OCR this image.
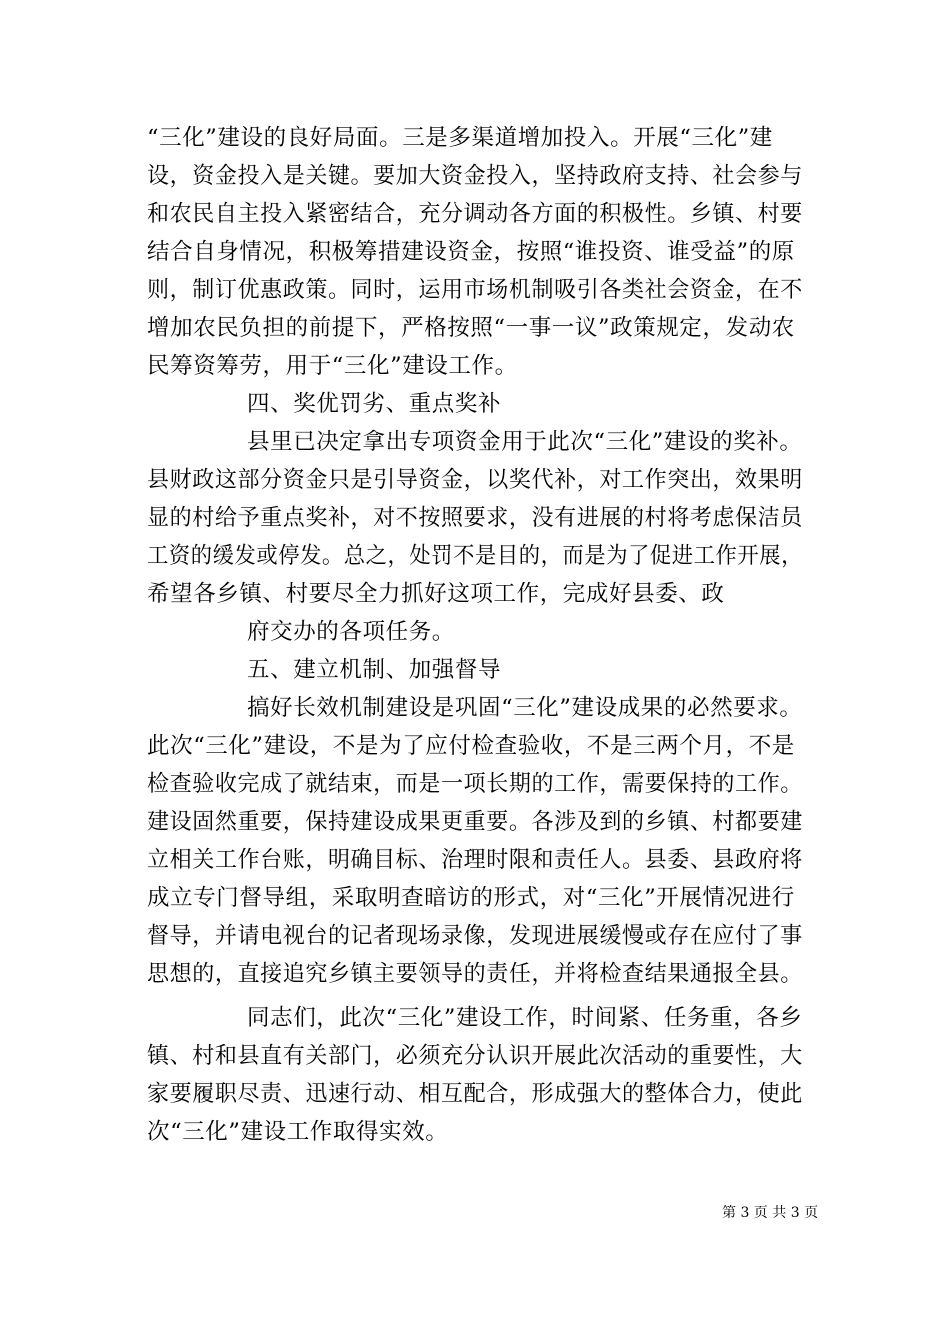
“三化”建设的良好局面。三是多渠道增加投入。开展“三化”建
设，资金投入是关键。要加大资金投入，坚持政府支持、社会参与
和农民自主投入紧密结合，充分调动各方面的积极性。乡镇、村要
结合自身情况，积极筹措建设资金，按照“谁投资、谁受益”的原
则，制订优惠政策。同时，运用市场机制吸引各类社会资金，在不
增加农民负担的前提下，严格按照“一事一议”政策规定，发动农
民筹资筹劳，用于“三化”建设工作。
四、奖优罚劣、重点奖补
县里已决定拿出专项资金用于此次“三化”建设的奖补。
县财政这部分资金只是引导资金，以奖代补，对工作突出，效果明
显的村给予重点奖补，对不按照要求，没有进展的村将考虑保洁员
工资的缓发或停发。总之，处罚不是目的，而是为了促进工作开展，
希望各乡镇、村要尽全力抓好这项工作，完成好县委、政
府交办的各项任务。
五、建立机制、加强督导
搞好长效机制建设是巩固“三化”建设成果的必然要求。
此次“三化”建设，不是为了应付检查验收，不是三两个月，不是
检查验收完成了就结束，而是一项长期的工作，需要保持的工作。
建设固然重要，保持建设成果更重要。各涉及到的乡镇、村都要建
立相关工作台账，明确目标、治理时限和责任人。县委、县政府将
成立专门督导组，采取明查暗访的形式，对“三化”开展情况进行
督导，并请电视台的记者现场录像，发现进展缓慢或存在应付了事
思想的，直接追究乡镇主要领导的责任，并将检查结果通报全县。
同志们，此次“三化”建设工作，时间紧、任务重，各乡
镇、村和县直有关部门，必须充分认识开展此次活动的重要性，大
家要履职尽责、迅速行动、相互配合，形成强大的整体合力，使此
次“三化”建设工作取得实效。
第 3 页 共 3 页
